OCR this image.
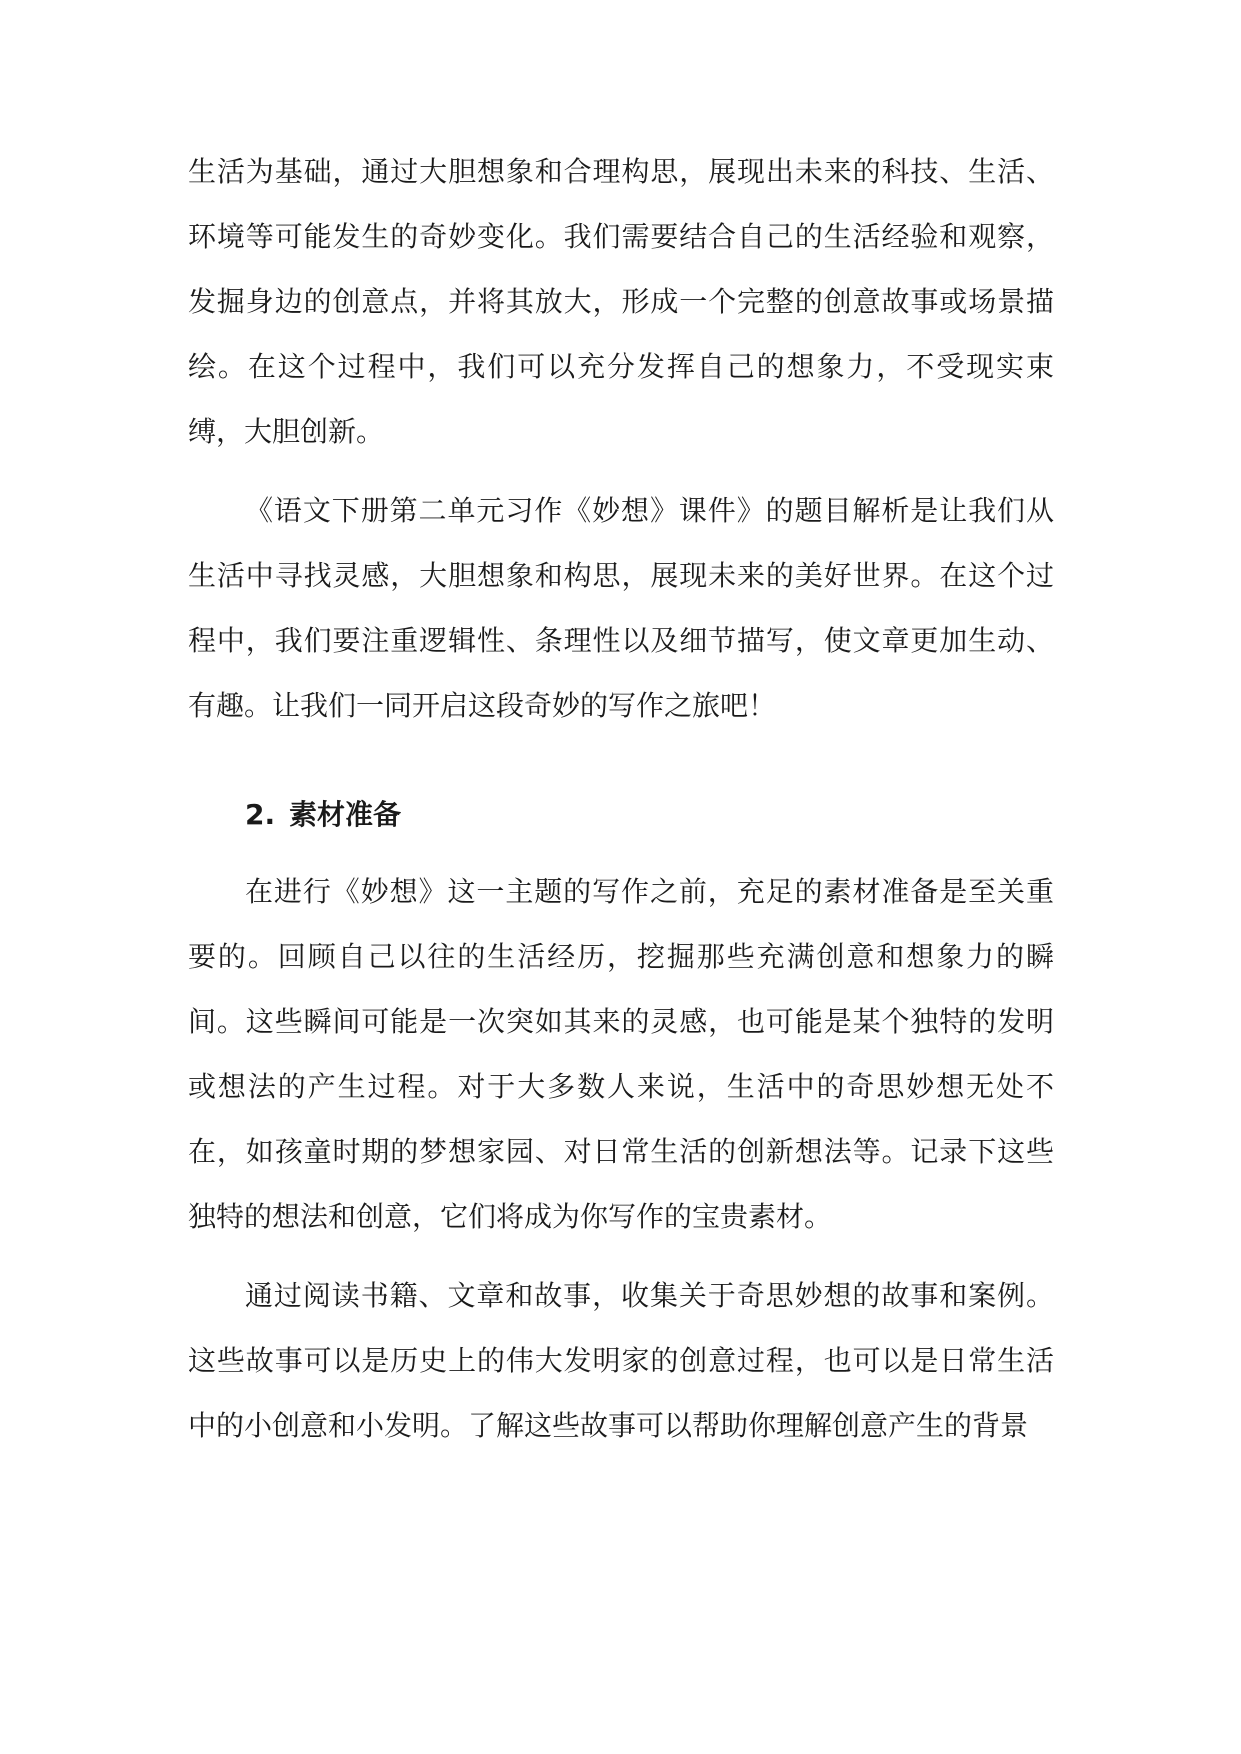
生活为基础，通过大胆想象和合理构思，展现出未来的科技、生活、环境等可能发生的奇妙变化。我们需要结合自己的生活经验和观察，发掘身边的创意点，并将其放大，形成一个完整的创意故事或场景描绘。在这个过程中，我们可以充分发挥自己的想象力，不受现实束缚，大胆创新。

《语文下册第二单元习作《妙想》课件》的题目解析是让我们从生活中寻找灵感，大胆想象和构思，展现未来的美好世界。在这个过程中，我们要注重逻辑性、条理性以及细节描写，使文章更加生动、有趣。让我们一同开启这段奇妙的写作之旅吧！

2. 素材准备

在进行《妙想》这一主题的写作之前，充足的素材准备是至关重要的。回顾自己以往的生活经历，挖掘那些充满创意和想象力的瞬间。这些瞬间可能是一次突如其来的灵感，也可能是某个独特的发明或想法的产生过程。对于大多数人来说，生活中的奇思妙想无处不在，如孩童时期的梦想家园、对日常生活的创新想法等。记录下这些独特的想法和创意，它们将成为你写作的宝贵素材。

通过阅读书籍、文章和故事，收集关于奇思妙想的故事和案例。这些故事可以是历史上的伟大发明家的创意过程，也可以是日常生活中的小创意和小发明。了解这些故事可以帮助你理解创意产生的背景
